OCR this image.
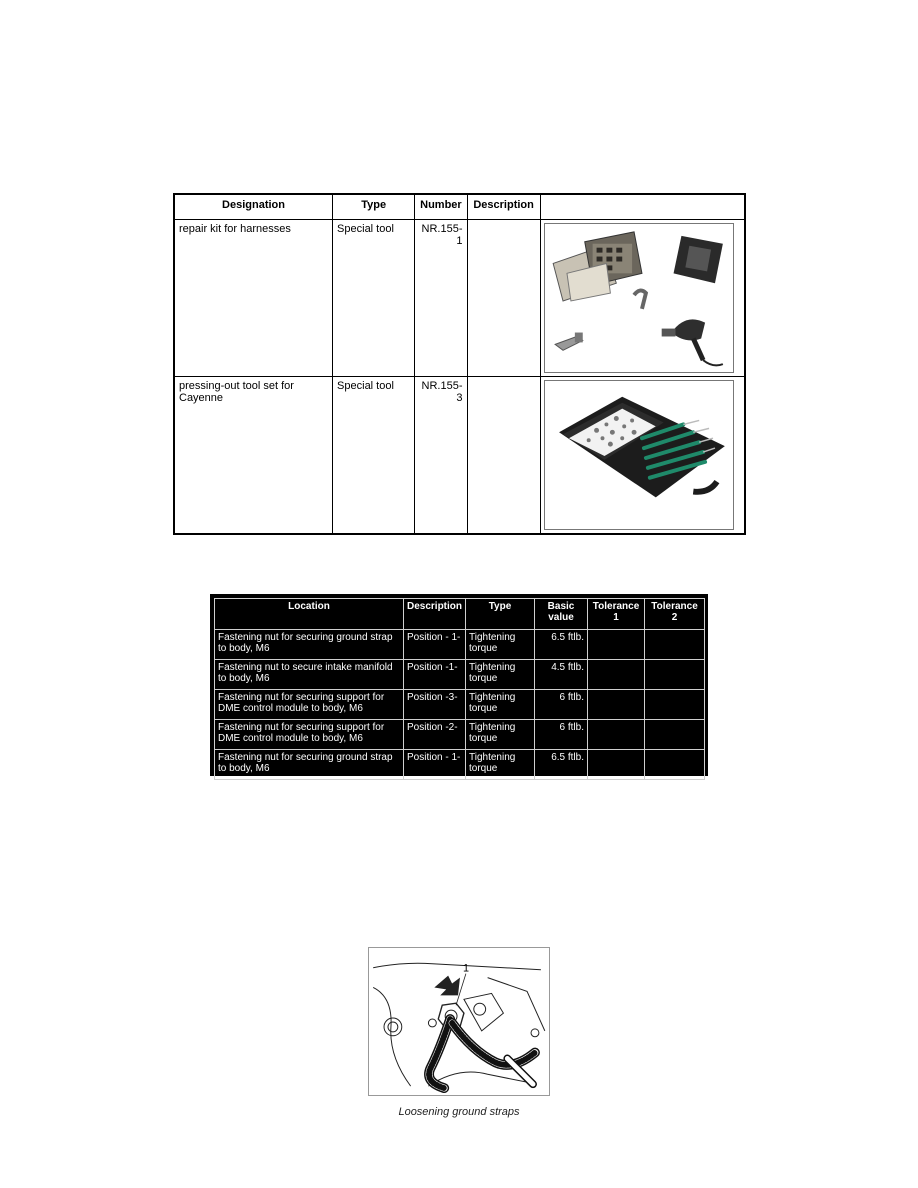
Designation	Type	Number	Description	
repair kit for harnesses	Special tool	NR.155-
1		

pressing-out tool set for Cayenne	Special tool	NR.155-
3		
Location	Description	Type	Basic value	Tolerance 1	Tolerance 2
Fastening nut for securing ground strap to body, M6	Position - 1-	Tightening torque	6.5 ftlb.		
Fastening nut to secure intake manifold to body, M6	Position -1-	Tightening torque	4.5 ftlb.		
Fastening nut for securing support for DME control module to body, M6	Position -3-	Tightening torque	6 ftlb.		
Fastening nut for securing support for DME control module to body, M6	Position -2-	Tightening torque	6 ftlb.		
Fastening nut for securing ground strap to body, M6	Position - 1-	Tightening torque	6.5 ftlb.		
1
Loosening ground straps
